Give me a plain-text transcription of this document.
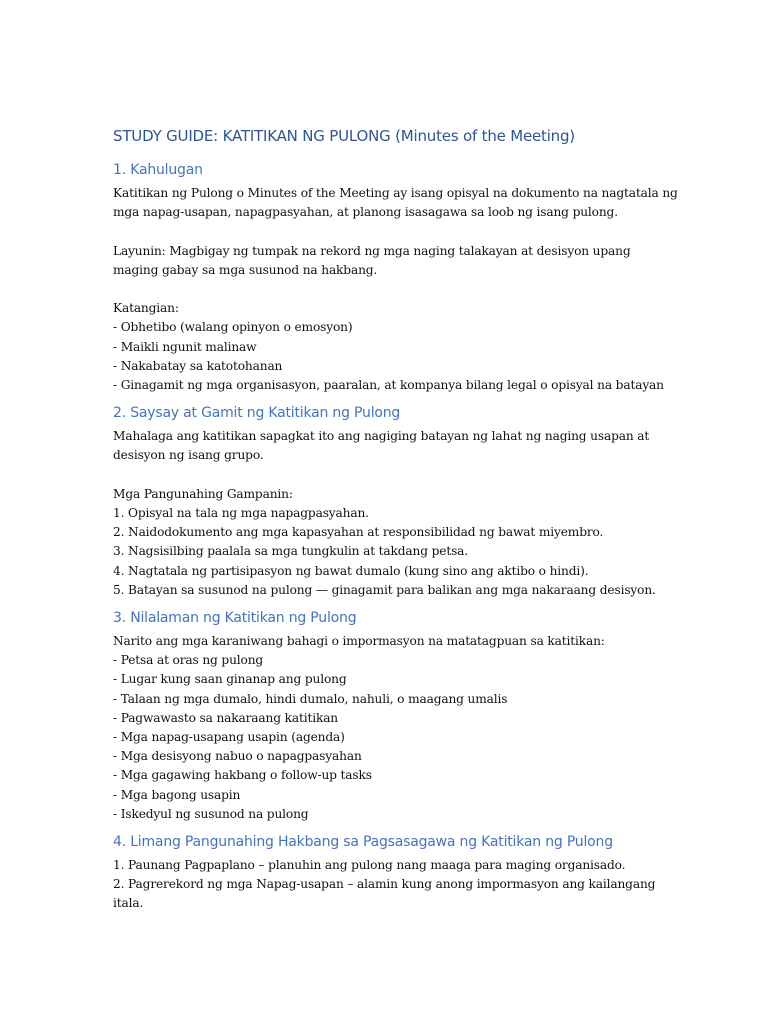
STUDY GUIDE: KATITIKAN NG PULONG (Minutes of the Meeting)
1. Kahulugan
Katitikan ng Pulong o Minutes of the Meeting ay isang opisyal na dokumento na nagtatala ng
mga napag-usapan, napagpasyahan, at planong isasagawa sa loob ng isang pulong.
Layunin: Magbigay ng tumpak na rekord ng mga naging talakayan at desisyon upang
maging gabay sa mga susunod na hakbang.
Katangian:
- Obhetibo (walang opinyon o emosyon)
- Maikli ngunit malinaw
- Nakabatay sa katotohanan
- Ginagamit ng mga organisasyon, paaralan, at kompanya bilang legal o opisyal na batayan
2. Saysay at Gamit ng Katitikan ng Pulong
Mahalaga ang katitikan sapagkat ito ang nagiging batayan ng lahat ng naging usapan at
desisyon ng isang grupo.
Mga Pangunahing Gampanin:
1. Opisyal na tala ng mga napagpasyahan.
2. Naidodokumento ang mga kapasyahan at responsibilidad ng bawat miyembro.
3. Nagsisilbing paalala sa mga tungkulin at takdang petsa.
4. Nagtatala ng partisipasyon ng bawat dumalo (kung sino ang aktibo o hindi).
5. Batayan sa susunod na pulong — ginagamit para balikan ang mga nakaraang desisyon.
3. Nilalaman ng Katitikan ng Pulong
Narito ang mga karaniwang bahagi o impormasyon na matatagpuan sa katitikan:
- Petsa at oras ng pulong
- Lugar kung saan ginanap ang pulong
- Talaan ng mga dumalo, hindi dumalo, nahuli, o maagang umalis
- Pagwawasto sa nakaraang katitikan
- Mga napag-usapang usapin (agenda)
- Mga desisyong nabuo o napagpasyahan
- Mga gagawing hakbang o follow-up tasks
- Mga bagong usapin
- Iskedyul ng susunod na pulong
4. Limang Pangunahing Hakbang sa Pagsasagawa ng Katitikan ng Pulong
1. Paunang Pagpaplano – planuhin ang pulong nang maaga para maging organisado.
2. Pagrerekord ng mga Napag-usapan – alamin kung anong impormasyon ang kailangang
itala.
